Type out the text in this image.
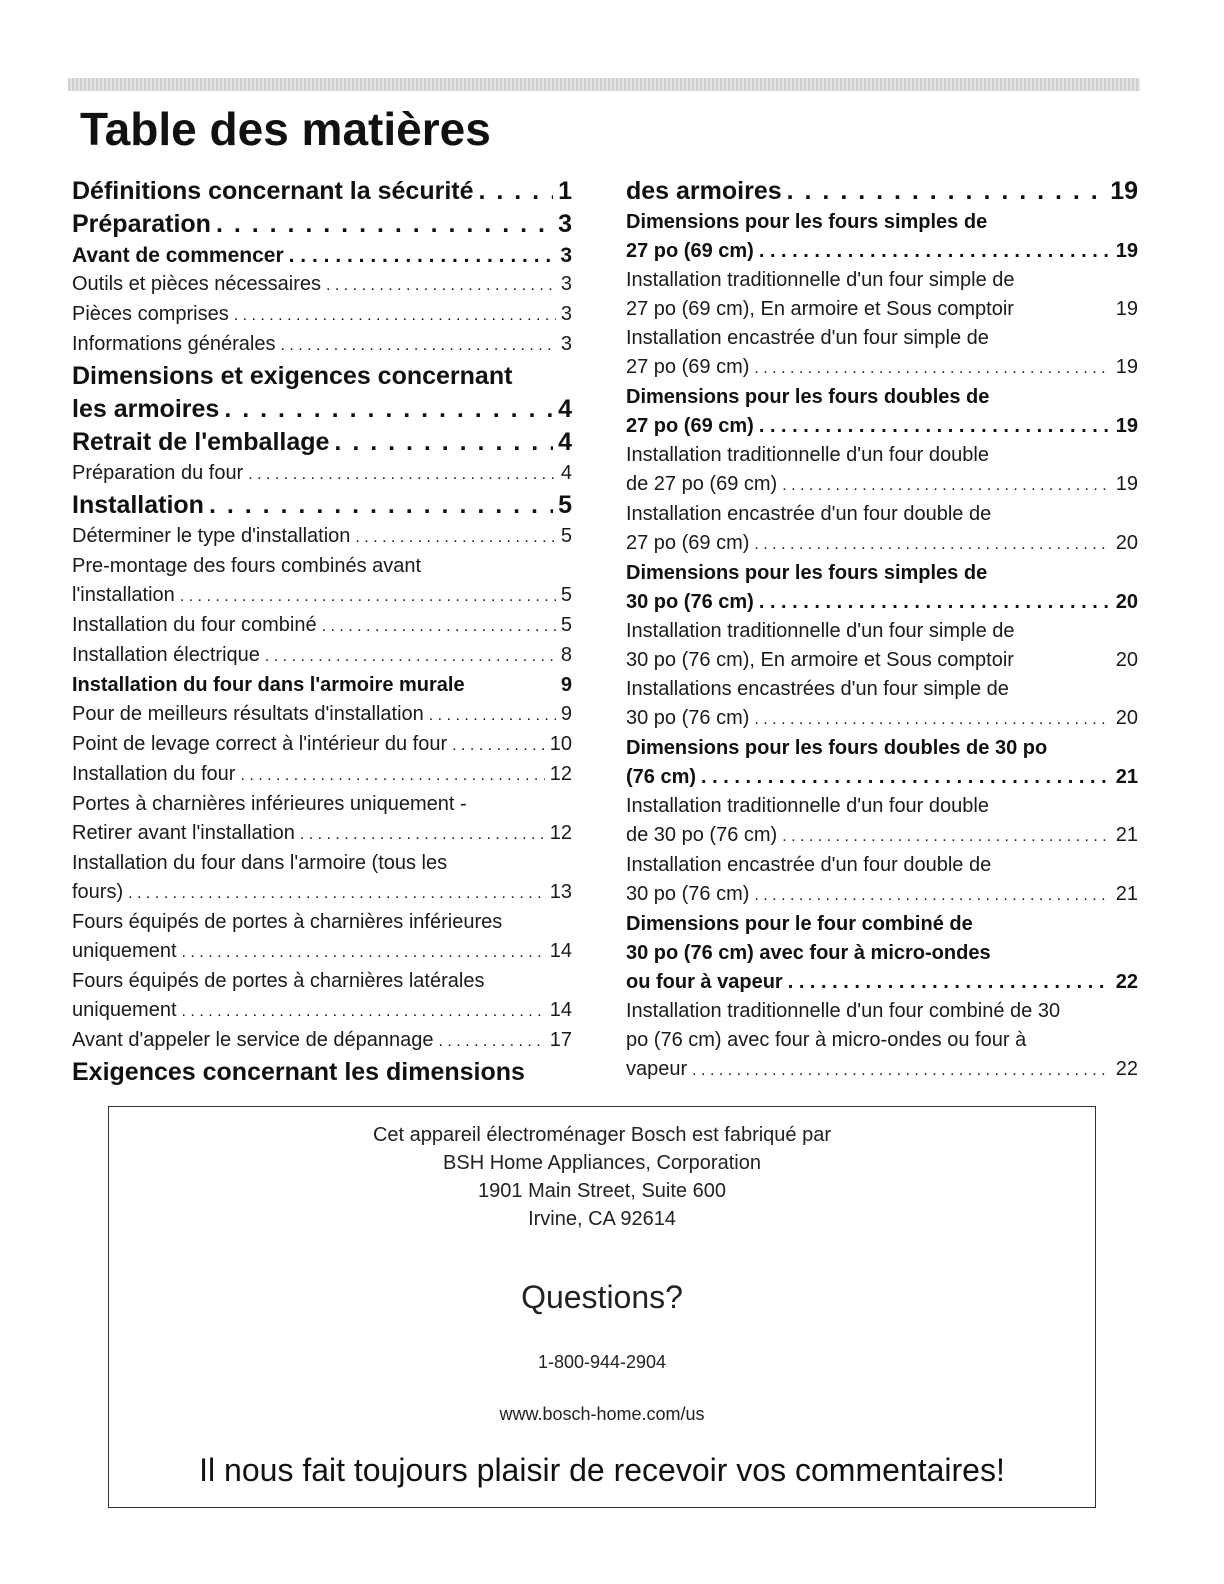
Table des matières
Définitions concernant la sécurité . . .	1
Préparation . . .	3
Avant de commencer . . .	3
Outils et pièces nécessaires . . .	3
Pièces comprises . . .	3
Informations générales . . .	3
Dimensions et exigences concernant
les armoires . . .	4
Retrait de l'emballage . . .	4
Préparation du four . . .	4
Installation . . .	5
Déterminer le type d'installation . . .	5
Pre-montage des fours combinés avant
l'installation . . .	5
Installation du four combiné . . .	5
Installation électrique . . .	8
Installation du four dans l'armoire murale	9
Pour de meilleurs résultats d'installation . . .	9
Point de levage correct à l'intérieur du four . . .	10
Installation du four . . .	12
Portes à charnières inférieures uniquement -
Retirer avant l'installation . . .	12
Installation du four dans l'armoire (tous les
fours) . . .	13
Fours équipés de portes à charnières inférieures
uniquement . . .	14
Fours équipés de portes à charnières latérales
uniquement . . .	14
Avant d'appeler le service de dépannage . . .	17
Exigences concernant les dimensions
des armoires . . .	19
Dimensions pour les fours simples de
27 po (69 cm) . . .	19
Installation traditionnelle d'un four simple de
27 po (69 cm), En armoire et Sous comptoir	19
Installation encastrée d'un four simple de
27 po (69 cm) . . .	19
Dimensions pour les fours doubles de
27 po (69 cm) . . .	19
Installation traditionnelle d'un four double
de 27 po (69 cm) . . .	19
Installation encastrée d'un four double de
27 po (69 cm) . . .	20
Dimensions pour les fours simples de
30 po (76 cm) . . .	20
Installation traditionnelle d'un four simple de
30 po (76 cm), En armoire et Sous comptoir	20
Installations encastrées d'un four simple de
30 po (76 cm) . . .	20
Dimensions pour les fours doubles de 30 po
(76 cm) . . .	21
Installation traditionnelle d'un four double
de 30 po (76 cm) . . .	21
Installation encastrée d'un four double de
30 po (76 cm) . . .	21
Dimensions pour le four combiné de
30 po (76 cm) avec four à micro-ondes
ou four à vapeur . . .	22
Installation traditionnelle d'un four combiné de 30
po (76 cm) avec four à micro-ondes ou four à
vapeur . . .	22
Cet appareil électroménager Bosch est fabriqué par
BSH Home Appliances, Corporation
1901 Main Street, Suite 600
Irvine, CA 92614
Questions?
1-800-944-2904
www.bosch-home.com/us
Il nous fait toujours plaisir de recevoir vos commentaires!
